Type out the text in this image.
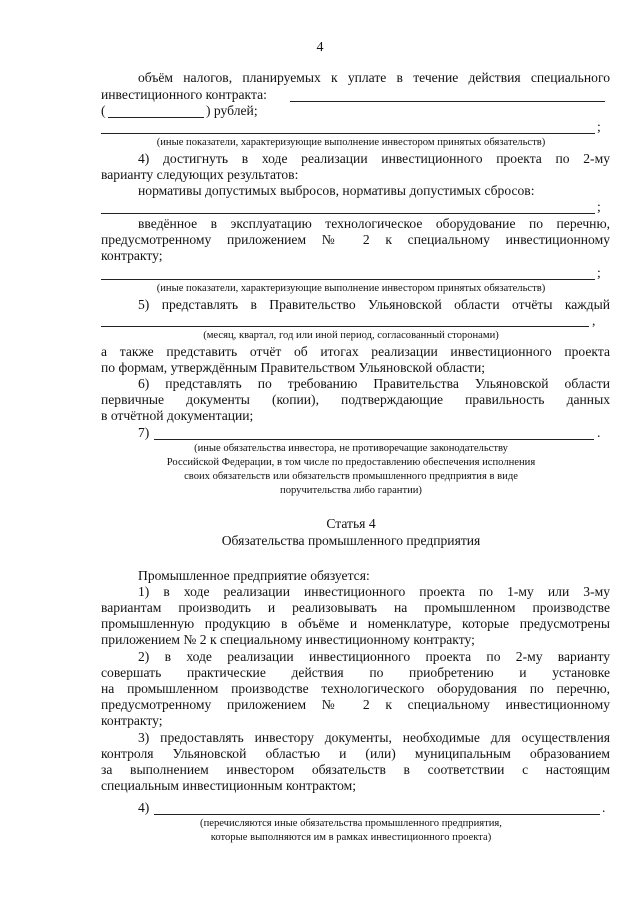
4
объём налогов, планируемых к уплате в течение действия специального
инвестиционного контракта:
(	) рублей;
;
(иные показатели, характеризующие выполнение инвестором принятых обязательств)
4) достигнуть в ходе реализации инвестиционного проекта по 2-му
варианту следующих результатов:
нормативы допустимых выбросов, нормативы допустимых сбросов:
;
введённое в эксплуатацию технологическое оборудование по перечню,
предусмотренному приложением № 2 к специальному инвестиционному
контракту;
;
(иные показатели, характеризующие выполнение инвестором принятых обязательств)
5) представлять в Правительство Ульяновской области отчёты каждый
,
(месяц, квартал, год или иной период, согласованный сторонами)
а также представить отчёт об итогах реализации инвестиционного проекта
по формам, утверждённым Правительством Ульяновской области;
6) представлять по требованию Правительства Ульяновской области
первичные документы (копии), подтверждающие правильность данных
в отчётной документации;
7)	.
(иные обязательства инвестора, не противоречащие законодательству
Российской Федерации, в том числе по предоставлению обеспечения исполнения
своих обязательств или обязательств промышленного предприятия в виде
поручительства либо гарантии)
Статья 4
Обязательства промышленного предприятия
Промышленное предприятие обязуется:
1) в ходе реализации инвестиционного проекта по 1-му или 3-му
вариантам производить и реализовывать на промышленном производстве
промышленную продукцию в объёме и номенклатуре, которые предусмотрены
приложением № 2 к специальному инвестиционному контракту;
2) в ходе реализации инвестиционного проекта по 2-му варианту
совершать практические действия по приобретению и установке
на промышленном производстве технологического оборудования по перечню,
предусмотренному приложением № 2 к специальному инвестиционному
контракту;
3) предоставлять инвестору документы, необходимые для осуществления
контроля Ульяновской областью и (или) муниципальным образованием
за выполнением инвестором обязательств в соответствии с настоящим
специальным инвестиционным контрактом;
4)	.
(перечисляются иные обязательства промышленного предприятия,
которые выполняются им в рамках инвестиционного проекта)
